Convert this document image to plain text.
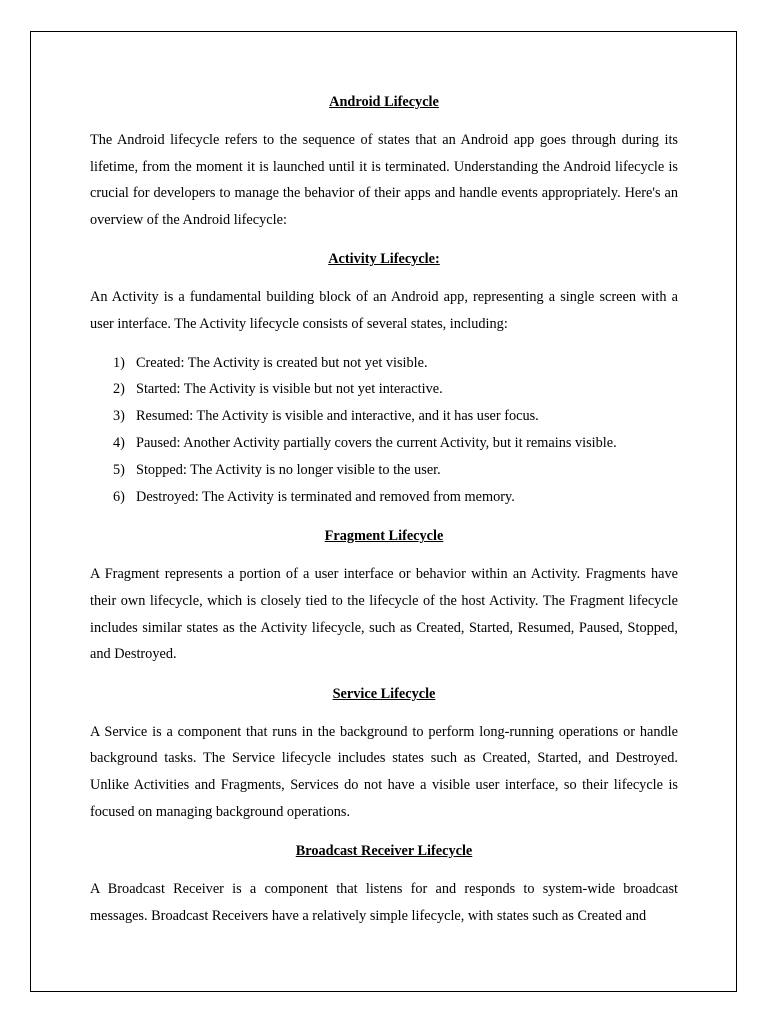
Android Lifecycle

The Android lifecycle refers to the sequence of states that an Android app goes through during its lifetime, from the moment it is launched until it is terminated. Understanding the Android lifecycle is crucial for developers to manage the behavior of their apps and handle events appropriately. Here's an overview of the Android lifecycle:

Activity Lifecycle:

An Activity is a fundamental building block of an Android app, representing a single screen with a user interface. The Activity lifecycle consists of several states, including:

1) Created: The Activity is created but not yet visible.
2) Started: The Activity is visible but not yet interactive.
3) Resumed: The Activity is visible and interactive, and it has user focus.
4) Paused: Another Activity partially covers the current Activity, but it remains visible.
5) Stopped: The Activity is no longer visible to the user.
6) Destroyed: The Activity is terminated and removed from memory.

Fragment Lifecycle

A Fragment represents a portion of a user interface or behavior within an Activity. Fragments have their own lifecycle, which is closely tied to the lifecycle of the host Activity. The Fragment lifecycle includes similar states as the Activity lifecycle, such as Created, Started, Resumed, Paused, Stopped, and Destroyed.

Service Lifecycle

A Service is a component that runs in the background to perform long-running operations or handle background tasks. The Service lifecycle includes states such as Created, Started, and Destroyed. Unlike Activities and Fragments, Services do not have a visible user interface, so their lifecycle is focused on managing background operations.

Broadcast Receiver Lifecycle

A Broadcast Receiver is a component that listens for and responds to system-wide broadcast messages. Broadcast Receivers have a relatively simple lifecycle, with states such as Created and
